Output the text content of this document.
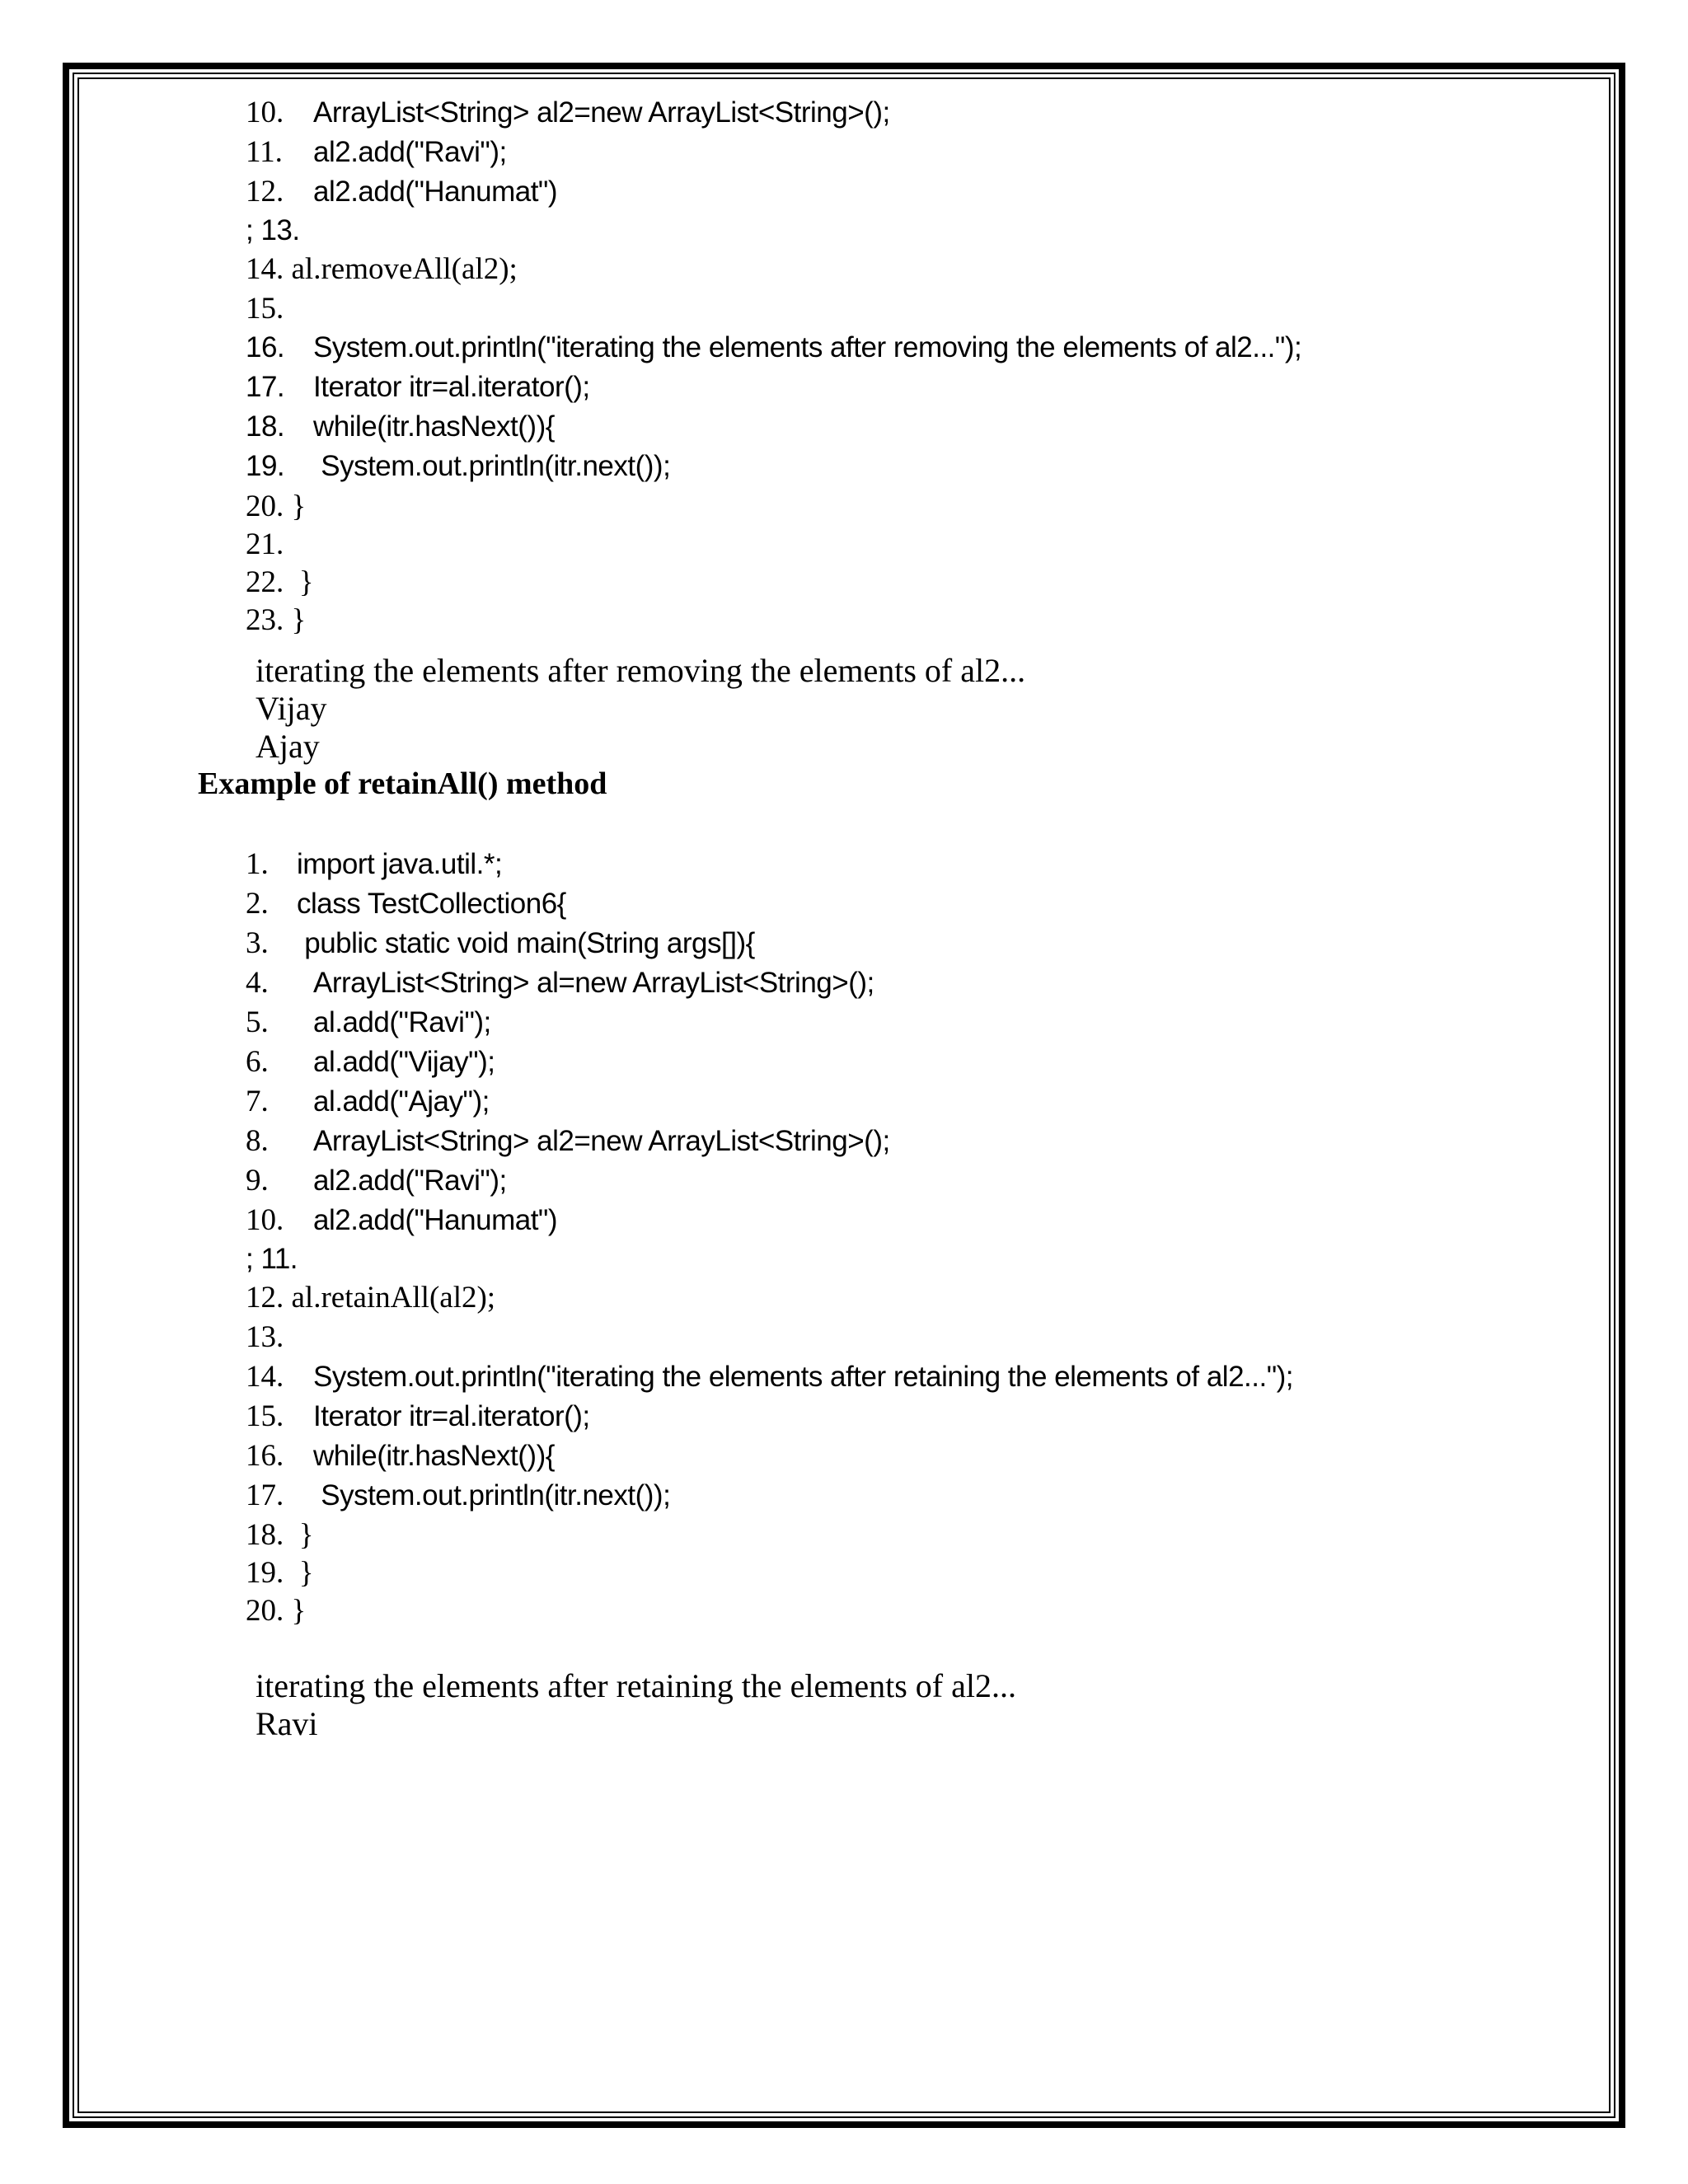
10. ArrayList<String> al2=new ArrayList<String>();
11. al2.add("Ravi");
12. al2.add("Hanumat")
; 13.
14. al.removeAll(al2);
15.
16. System.out.println("iterating the elements after removing the elements of al2...");
17. Iterator itr=al.iterator();
18. while(itr.hasNext()){
19. System.out.println(itr.next());
20. }
21.
22.  }
23. }
iterating the elements after removing the elements of al2...
Vijay
Ajay
Example of retainAll() method
1. import java.util.*;
2. class TestCollection6{
3. public static void main(String args[]){
4. ArrayList<String> al=new ArrayList<String>();
5. al.add("Ravi");
6. al.add("Vijay");
7. al.add("Ajay");
8. ArrayList<String> al2=new ArrayList<String>();
9. al2.add("Ravi");
10. al2.add("Hanumat")
; 11.
12. al.retainAll(al2);
13.
14. System.out.println("iterating the elements after retaining the elements of al2...");
15. Iterator itr=al.iterator();
16. while(itr.hasNext()){
17. System.out.println(itr.next());
18.  }
19.  }
20. }
iterating the elements after retaining the elements of al2...
Ravi
